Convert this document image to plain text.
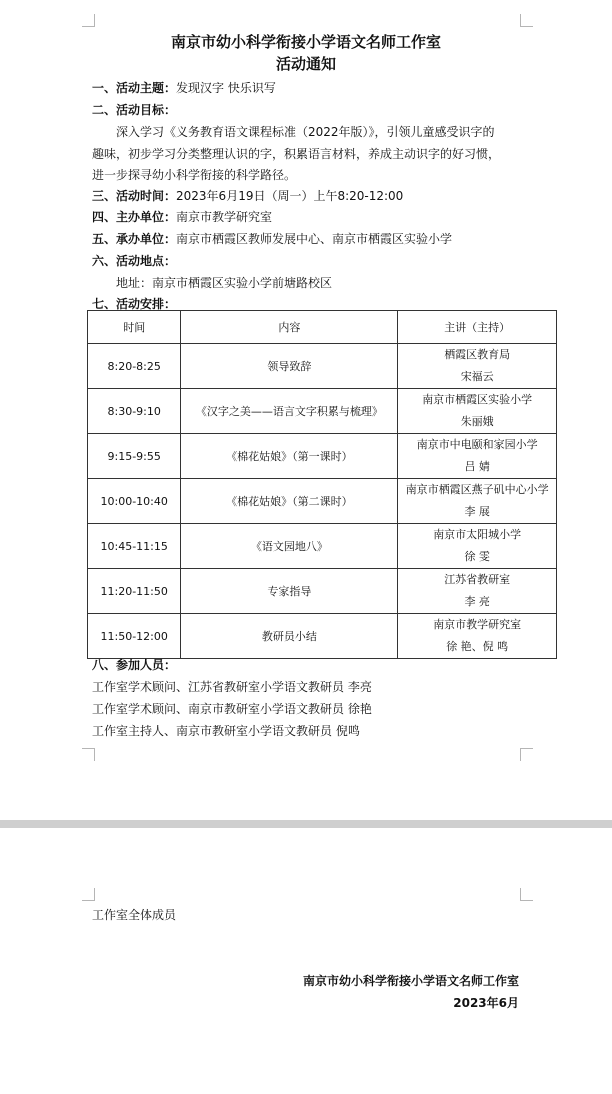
南京市幼小科学衔接小学语文名师工作室
活动通知
一、活动主题：发现汉字 快乐识写
二、活动目标：
深入学习《义务教育语文课程标准（2022年版）》，引领儿童感受识字的
趣味，初步学习分类整理认识的字，积累语言材料，养成主动识字的好习惯，
进一步探寻幼小科学衔接的科学路径。
三、活动时间：2023年6月19日（周一）上午8:20-12:00
四、主办单位：南京市教学研究室
五、承办单位：南京市栖霞区教师发展中心、南京市栖霞区实验小学
六、活动地点：
地址：南京市栖霞区实验小学前塘路校区
七、活动安排：
时间	内容	主讲（主持）
8:20-8:25	领导致辞	栖霞区教育局
宋福云

8:30-9:10	《汉字之美——语言文字积累与梳理》	南京市栖霞区实验小学
朱丽娥

9:15-9:55	《棉花姑娘》（第一课时）	南京市中电颐和家园小学
吕 婧

10:00-10:40	《棉花姑娘》（第二课时）	南京市栖霞区燕子矶中心小学
李 展

10:45-11:15	《语文园地八》	南京市太阳城小学
徐 雯

11:20-11:50	专家指导	江苏省教研室
李 亮

11:50-12:00	教研员小结	南京市教学研究室
徐 艳、倪 鸣
八、参加人员：
工作室学术顾问、江苏省教研室小学语文教研员 李亮
工作室学术顾问、南京市教研室小学语文教研员 徐艳
工作室主持人、南京市教研室小学语文教研员 倪鸣
工作室全体成员
南京市幼小科学衔接小学语文名师工作室
2023年6月
